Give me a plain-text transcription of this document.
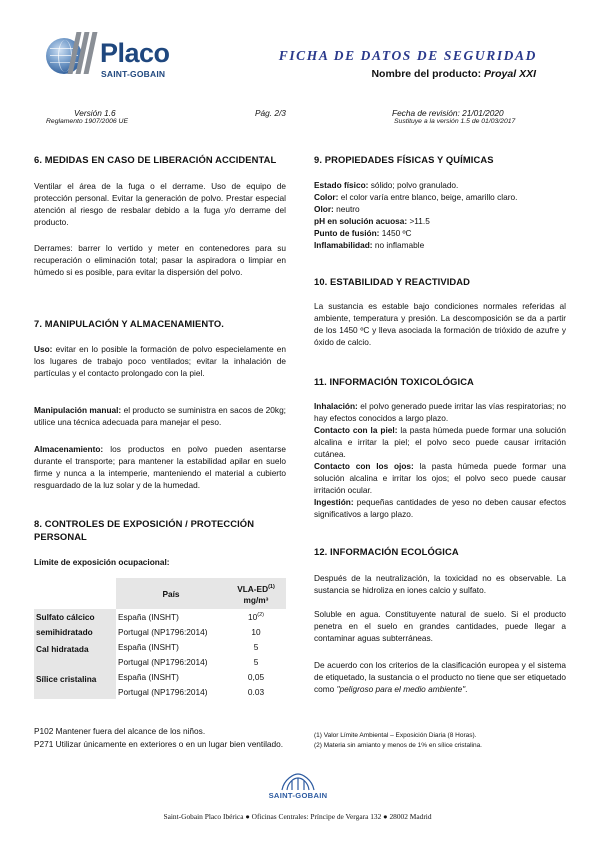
Placo
SAINT-GOBAIN
FICHA DE DATOS DE SEGURIDAD
Nombre del producto: Proyal XXI
Versión 1.6
Reglamento 1907/2006 UE
Pág. 2/3	Fecha de revisión: 21/01/2020
Sustituye a la versión 1.5 de 01/03/2017
6. MEDIDAS EN CASO DE LIBERACIÓN ACCIDENTAL
Ventilar el área de la fuga o el derrame. Uso de equipo de protección personal. Evitar la generación de polvo. Prestar especial atención al riesgo de resbalar debido a la fuga y/o derrame del producto.
Derrames: barrer lo vertido y meter en contenedores para su recuperación o eliminación total; pasar la aspiradora o limpiar en húmedo si es posible, para evitar la dispersión del polvo.
7. MANIPULACIÓN Y ALMACENAMIENTO.
Uso: evitar en lo posible la formación de polvo especielamente en los lugares de trabajo poco ventilados; evitar la inhalación de partículas y el contacto prolongado con la piel.
Manipulación manual: el producto se suministra en sacos de 20kg; utilice una técnica adecuada para manejar el peso.
Almacenamiento: los productos en polvo pueden asentarse durante el transporte; para mantener la estabilidad apilar en suelo firme y nunca a la intemperie, manteniendo el material a cubierto resguardado de la luz solar y de la humedad.
8. CONTROLES DE EXPOSICIÓN / PROTECCIÓN
PERSONAL
Límite de exposición ocupacional:
	País	VLA-ED$^{(1)}$
mg/m³
Sulfato cálcico	España (INSHT)	10$^{(2)}$
semihidratado	Portugal (NP1796:2014)	10
Cal hidratada	España (INSHT)	5
	Portugal (NP1796:2014)	5
Sílice cristalina	España (INSHT)	0,05
	Portugal (NP1796:2014)	0.03
P102 Mantener fuera del alcance de los niños.
P271 Utilizar únicamente en exteriores o en un lugar bien ventilado.
9. PROPIEDADES FÍSICAS Y QUÍMICAS
Estado físico: sólido; polvo granulado.
Color: el color varía entre blanco, beige, amarillo claro.
Olor: neutro
pH en solución acuosa: >11.5
Punto de fusión: 1450 ºC
Inflamabilidad: no inflamable
10. ESTABILIDAD Y REACTIVIDAD
La sustancia es estable bajo condiciones normales referidas al ambiente, temperatura y presión. La descomposición se da a partir de los 1450 ºC y lleva asociada la formación de trióxido de azufre y óxido de calcio.
11. INFORMACIÓN TOXICOLÓGICA
Inhalación: el polvo generado puede irritar las vías respiratorias; no hay efectos conocidos a largo plazo.
Contacto con la piel: la pasta húmeda puede formar una solución alcalina e irritar la piel; el polvo seco puede causar irritación cutánea.
Contacto con los ojos: la pasta húmeda puede formar una solución alcalina e irritar los ojos; el polvo seco puede causar irritación ocular.
Ingestión: pequeñas cantidades de yeso no deben causar efectos significativos a largo plazo.
12. INFORMACIÓN ECOLÓGICA
Después de la neutralización, la toxicidad no es observable. La sustancia se hidroliza en iones calcio y sulfato.
Soluble en agua. Constituyente natural de suelo. Si el producto penetra en el suelo en grandes cantidades, puede llegar a contaminar aguas subterráneas.
De acuerdo con los criterios de la clasificación europea y el sistema de etiquetado, la sustancia o el producto no tiene que ser etiquetado como "peligroso para el medio ambiente".
(1) Valor Límite Ambiental – Exposición Diaria (8 Horas).
(2) Materia sin amianto y menos de 1% en sílice cristalina.
SAINT-GOBAIN
Saint-Gobain Placo Ibérica ● Oficinas Centrales: Príncipe de Vergara 132 ● 28002 Madrid
